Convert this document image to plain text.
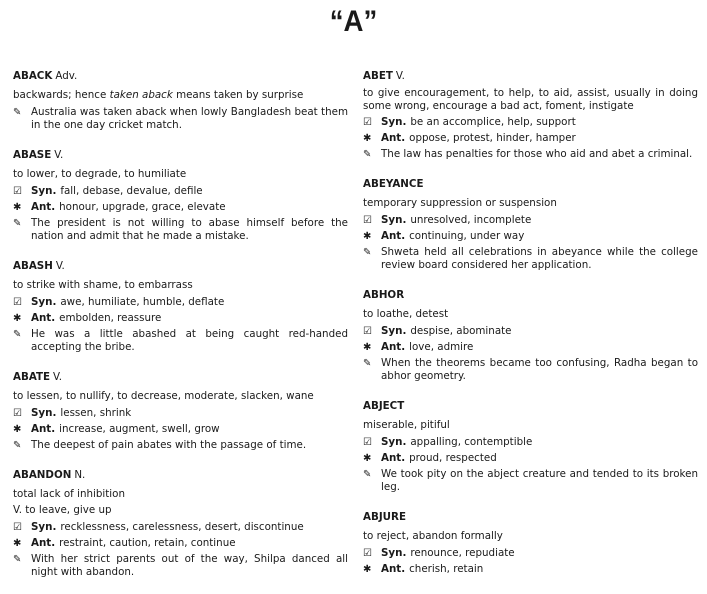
“A”
ABACK Adv.
backwards; hence taken aback means taken by surprise
✎ Australia was taken aback when lowly Bangladesh beat them in the one day cricket match.
ABASE V.
to lower, to degrade, to humiliate
☑ Syn. fall, debase, devalue, defile
✱ Ant. honour, upgrade, grace, elevate
✎ The president is not willing to abase himself before the nation and admit that he made a mistake.
ABASH V.
to strike with shame, to embarrass
☑ Syn. awe, humiliate, humble, deflate
✱ Ant. embolden, reassure
✎ He was a little abashed at being caught red-handed accepting the bribe.
ABATE V.
to lessen, to nullify, to decrease, moderate, slacken, wane
☑ Syn. lessen, shrink
✱ Ant. increase, augment, swell, grow
✎ The deepest of pain abates with the passage of time.
ABANDON N.
total lack of inhibition
V. to leave, give up
☑ Syn. recklessness, carelessness, desert, discontinue
✱ Ant. restraint, caution, retain, continue
✎ With her strict parents out of the way, Shilpa danced all night with abandon.
ABET V.
to give encouragement, to help, to aid, assist, usually in doing some wrong, encourage a bad act, foment, instigate
☑ Syn. be an accomplice, help, support
✱ Ant. oppose, protest, hinder, hamper
✎ The law has penalties for those who aid and abet a criminal.
ABEYANCE
temporary suppression or suspension
☑ Syn. unresolved, incomplete
✱ Ant. continuing, under way
✎ Shweta held all celebrations in abeyance while the college review board considered her application.
ABHOR
to loathe, detest
☑ Syn. despise, abominate
✱ Ant. love, admire
✎ When the theorems became too confusing, Radha began to abhor geometry.
ABJECT
miserable, pitiful
☑ Syn. appalling, contemptible
✱ Ant. proud, respected
✎ We took pity on the abject creature and tended to its broken leg.
ABJURE
to reject, abandon formally
☑ Syn. renounce, repudiate
✱ Ant. cherish, retain
